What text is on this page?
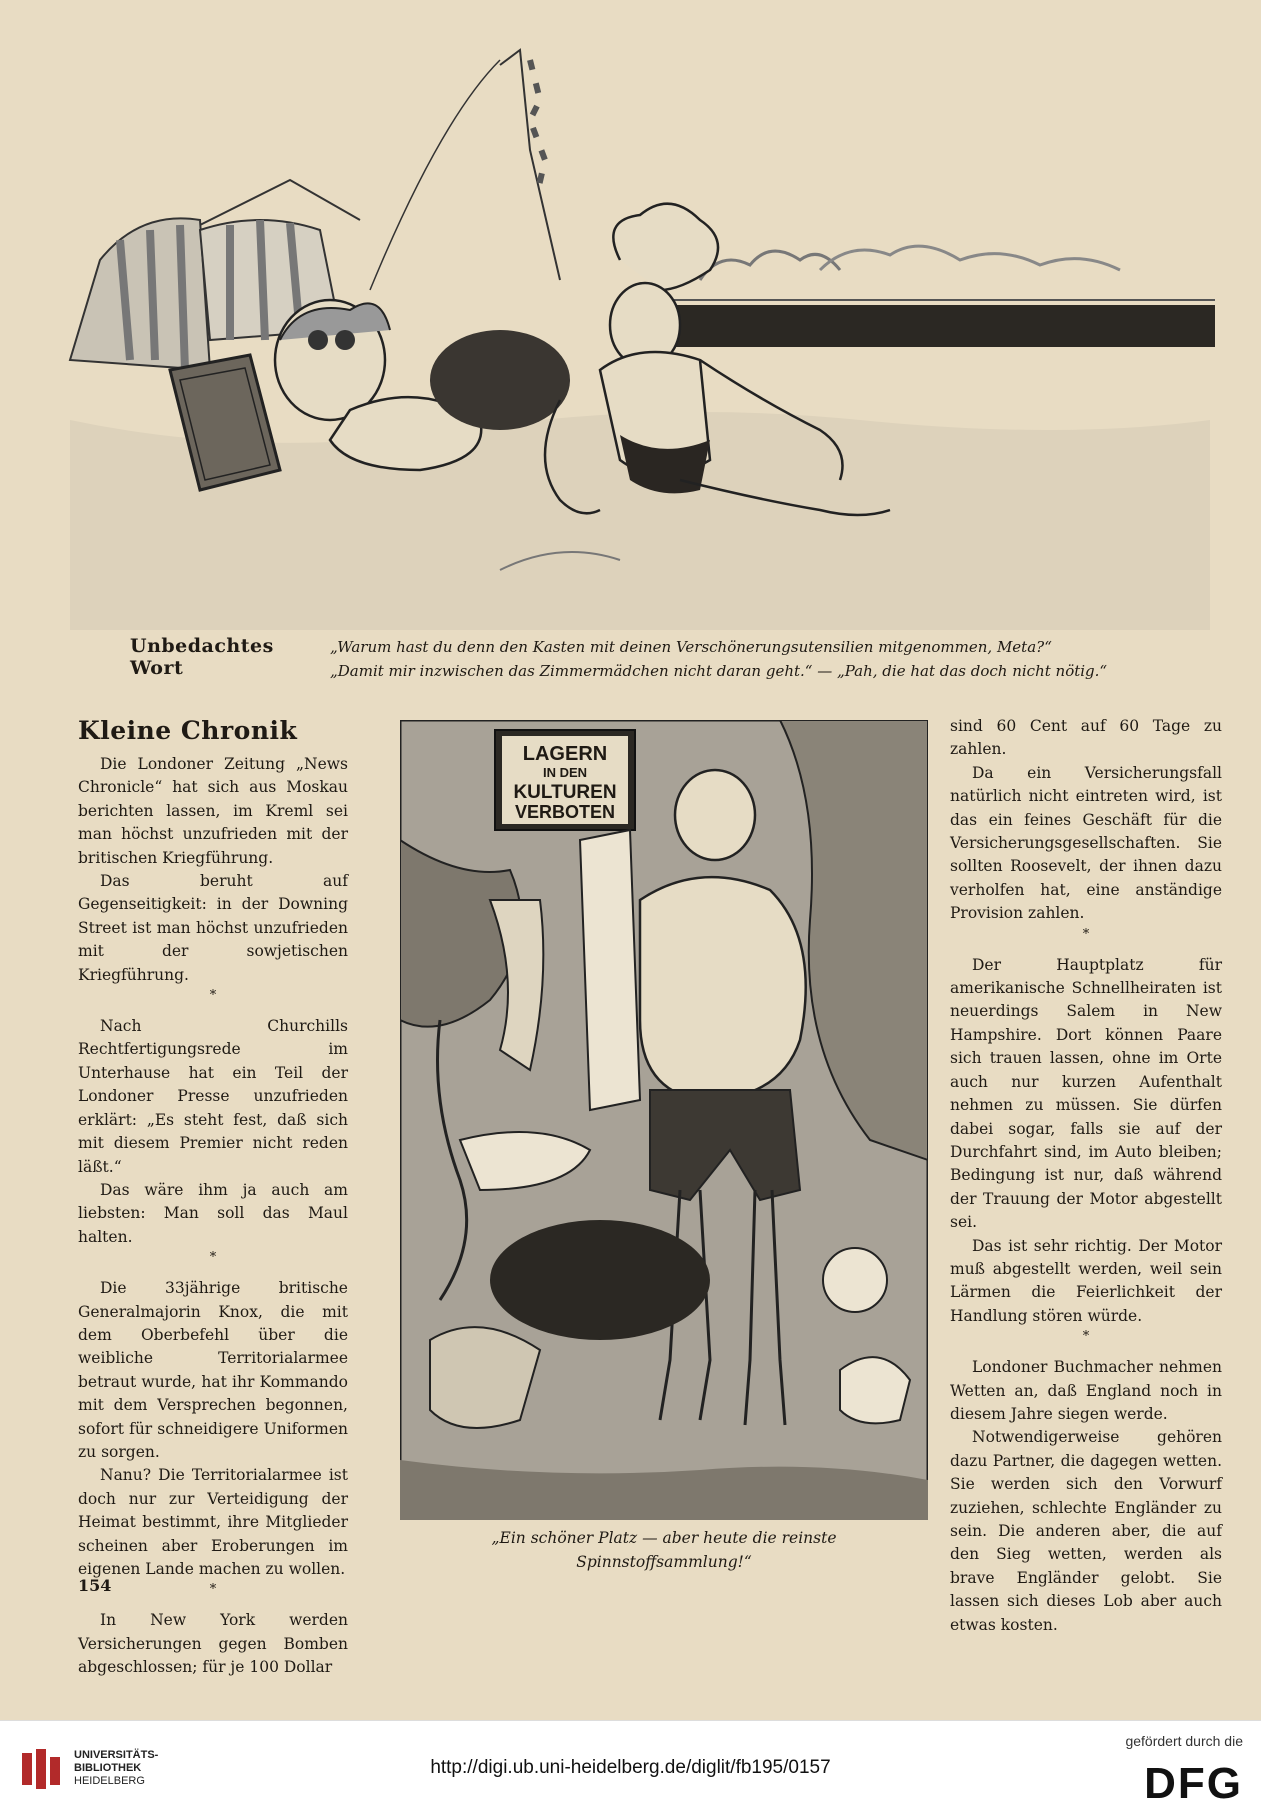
Unbedachtes Wort
„Warum hast du denn den Kasten mit deinen Verschönerungsutensilien mitgenommen, Meta?“
„Damit mir inzwischen das Zimmermädchen nicht daran geht.“ — „Pah, die hat das doch nicht nötig.“
Kleine Chronik

Die Londoner Zeitung „News Chronicle“ hat sich aus Moskau berichten lassen, im Kreml sei man höchst unzufrieden mit der britischen Kriegführung.

Das beruht auf Gegenseitigkeit: in der Downing Street ist man höchst unzufrieden mit der sowjetischen Kriegführung.

*

Nach Churchills Rechtfertigungsrede im Unterhause hat ein Teil der Londoner Presse unzufrieden erklärt: „Es steht fest, daß sich mit diesem Premier nicht reden läßt.“

Das wäre ihm ja auch am liebsten: Man soll das Maul halten.

*

Die 33jährige britische Generalmajorin Knox, die mit dem Oberbefehl über die weibliche Territorialarmee betraut wurde, hat ihr Kommando mit dem Versprechen begonnen, sofort für schneidigere Uniformen zu sorgen.

Nanu? Die Territorialarmee ist doch nur zur Verteidigung der Heimat bestimmt, ihre Mitglieder scheinen aber Eroberungen im eigenen Lande machen zu wollen.

*

In New York werden Versicherungen gegen Bomben abgeschlossen; für je 100 Dollar

154
LAGERN
IN DEN
KULTUREN
VERBOTEN
„Ein schöner Platz — aber heute die reinste
Spinnstoffsammlung!“

sind 60 Cent auf 60 Tage zu zahlen.

Da ein Versicherungsfall natürlich nicht eintreten wird, ist das ein feines Geschäft für die Versicherungsgesellschaften. Sie sollten Roosevelt, der ihnen dazu verholfen hat, eine anständige Provision zahlen.

*

Der Hauptplatz für amerikanische Schnellheiraten ist neuerdings Salem in New Hampshire. Dort können Paare sich trauen lassen, ohne im Orte auch nur kurzen Aufenthalt nehmen zu müssen. Sie dürfen dabei sogar, falls sie auf der Durchfahrt sind, im Auto bleiben; Bedingung ist nur, daß während der Trauung der Motor abgestellt sei.

Das ist sehr richtig. Der Motor muß abgestellt werden, weil sein Lärmen die Feierlichkeit der Handlung stören würde.

*

Londoner Buchmacher nehmen Wetten an, daß England noch in diesem Jahre siegen werde.

Notwendigerweise gehören dazu Partner, die dagegen wetten. Sie werden sich den Vorwurf zuziehen, schlechte Engländer zu sein. Die anderen aber, die auf den Sieg wetten, werden als brave Engländer gelobt. Sie lassen sich dieses Lob aber auch etwas kosten.

UNIVERSITÄTS-
BIBLIOTHEK
HEIDELBERG
http://digi.ub.uni-heidelberg.de/diglit/fb195/0157
gefördert durch die
DFG
